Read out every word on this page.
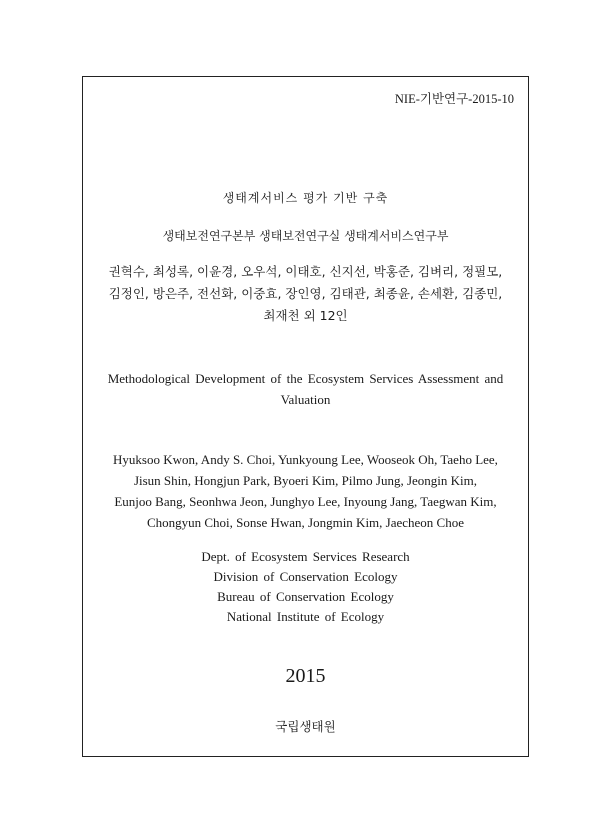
NIE-기반연구-2015-10
생태계서비스 평가 기반 구축
생태보전연구본부 생태보전연구실 생태계서비스연구부
권혁수, 최성록, 이윤경, 오우석, 이태호, 신지선, 박홍준, 김벼리, 정필모,
김정인, 방은주, 전선화, 이중효, 장인영, 김태관, 최종윤, 손세환, 김종민,
최재천 외 12인
Methodological Development of the Ecosystem Services Assessment and
Valuation
Hyuksoo Kwon, Andy S. Choi, Yunkyoung Lee, Wooseok Oh, Taeho Lee,
Jisun Shin, Hongjun Park, Byoeri Kim, Pilmo Jung, Jeongin Kim,
Eunjoo Bang, Seonhwa Jeon, Junghyo Lee, Inyoung Jang, Taegwan Kim,
Chongyun Choi, Sonse Hwan, Jongmin Kim, Jaecheon Choe
Dept. of Ecosystem Services Research
Division of Conservation Ecology
Bureau of Conservation Ecology
National Institute of Ecology
2015
국립생태원
